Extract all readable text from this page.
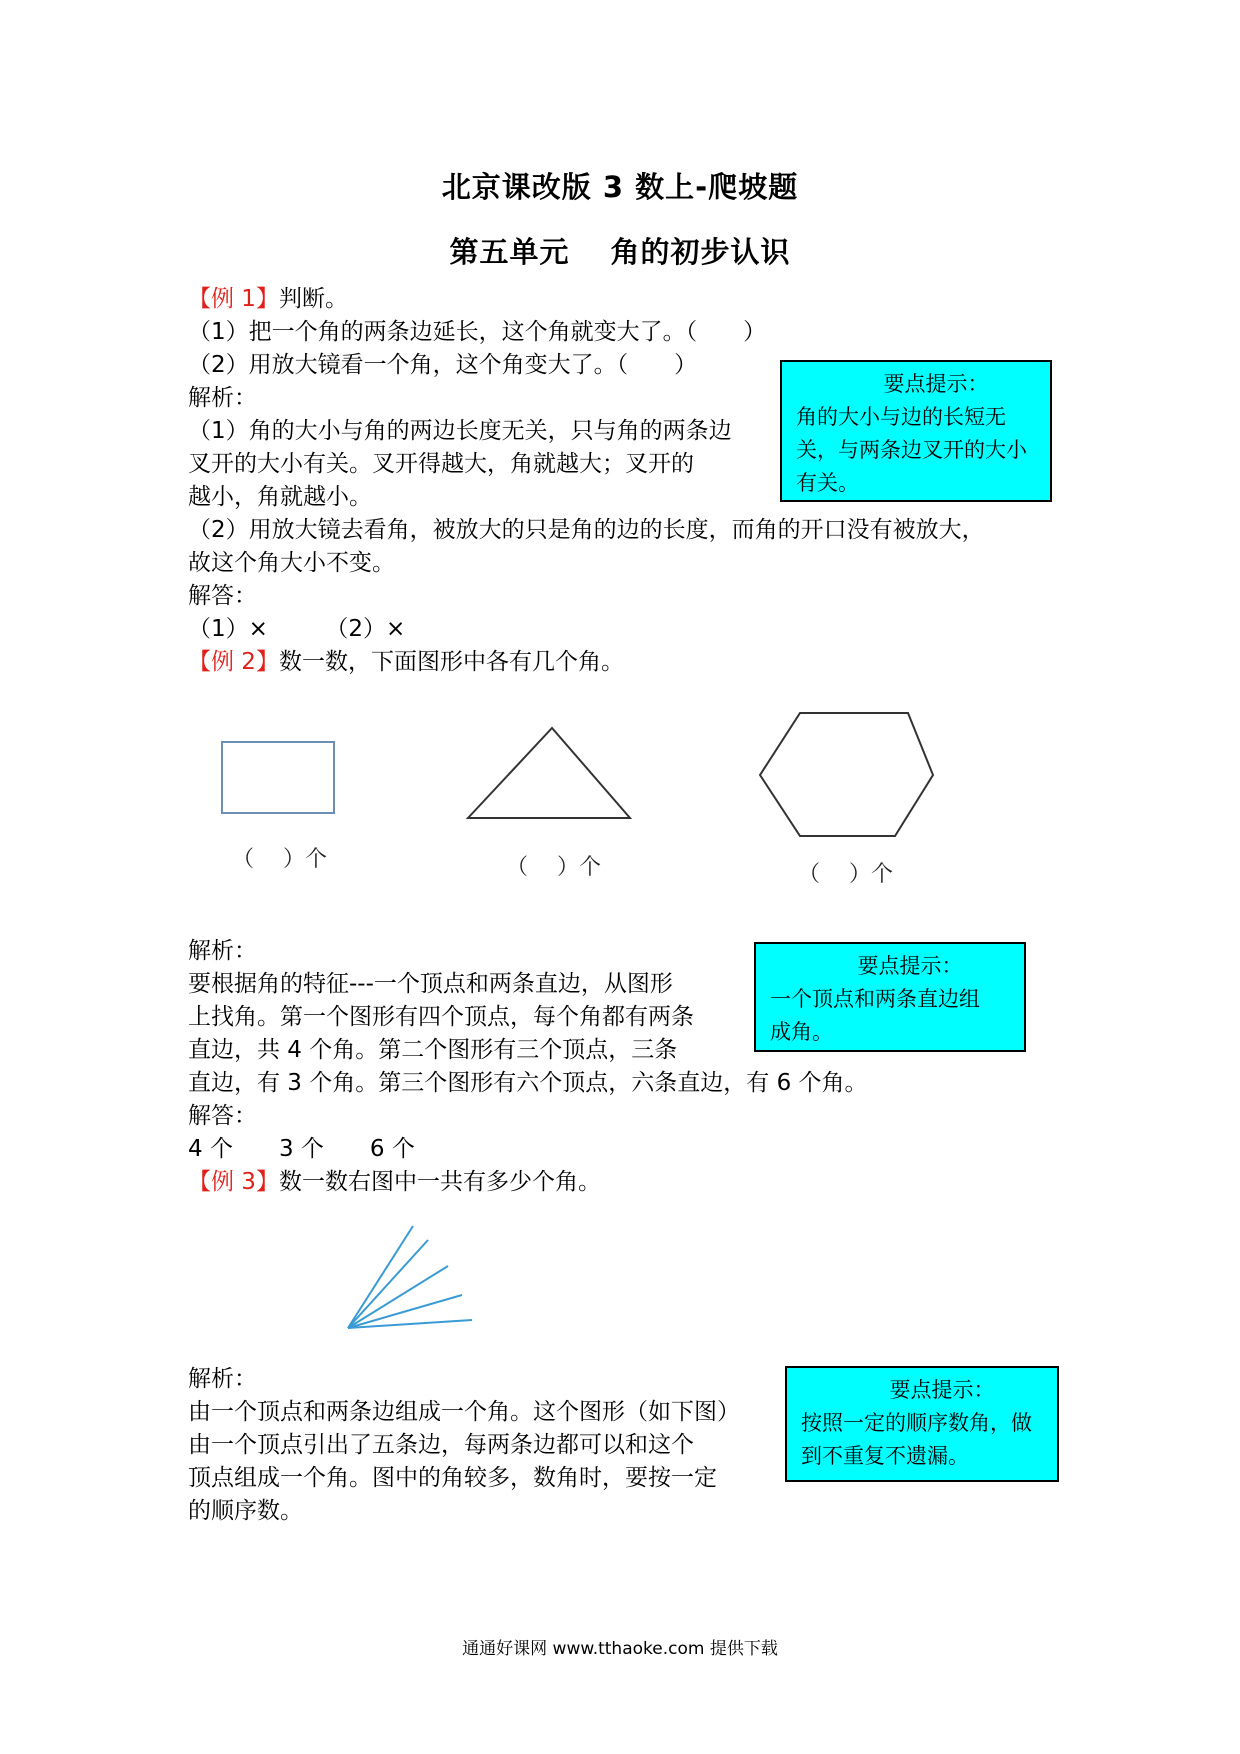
北京课改版 3 数上-爬坡题
第五单元　 角的初步认识
【例 1】判断。
（1）把一个角的两条边延长，这个角就变大了。（　　）
（2）用放大镜看一个角，这个角变大了。（　　）
解析：
（1）角的大小与角的两边长度无关，只与角的两条边
叉开的大小有关。叉开得越大，角就越大；叉开的
越小，角就越小。
（2）用放大镜去看角，被放大的只是角的边的长度，而角的开口没有被放大，
故这个角大小不变。
解答：
（1）×　　　（2）×
要点提示：
角的大小与边的长短无
关，与两条边叉开的大小
有关。
【例 2】数一数，下面图形中各有几个角。
（　 ）个	（　 ）个	（　 ）个
解析：
要根据角的特征---一个顶点和两条直边，从图形
上找角。第一个图形有四个顶点，每个角都有两条
直边，共 4 个角。第二个图形有三个顶点，三条
直边，有 3 个角。第三个图形有六个顶点，六条直边，有 6 个角。
解答：
4 个　　3 个　　6 个
要点提示：
一个顶点和两条直边组
成角。
【例 3】数一数右图中一共有多少个角。
解析：
由一个顶点和两条边组成一个角。这个图形（如下图）
由一个顶点引出了五条边，每两条边都可以和这个
顶点组成一个角。图中的角较多，数角时，要按一定
的顺序数。
要点提示：
按照一定的顺序数角，做
到不重复不遗漏。
通通好课网 www.tthaoke.com 提供下载
